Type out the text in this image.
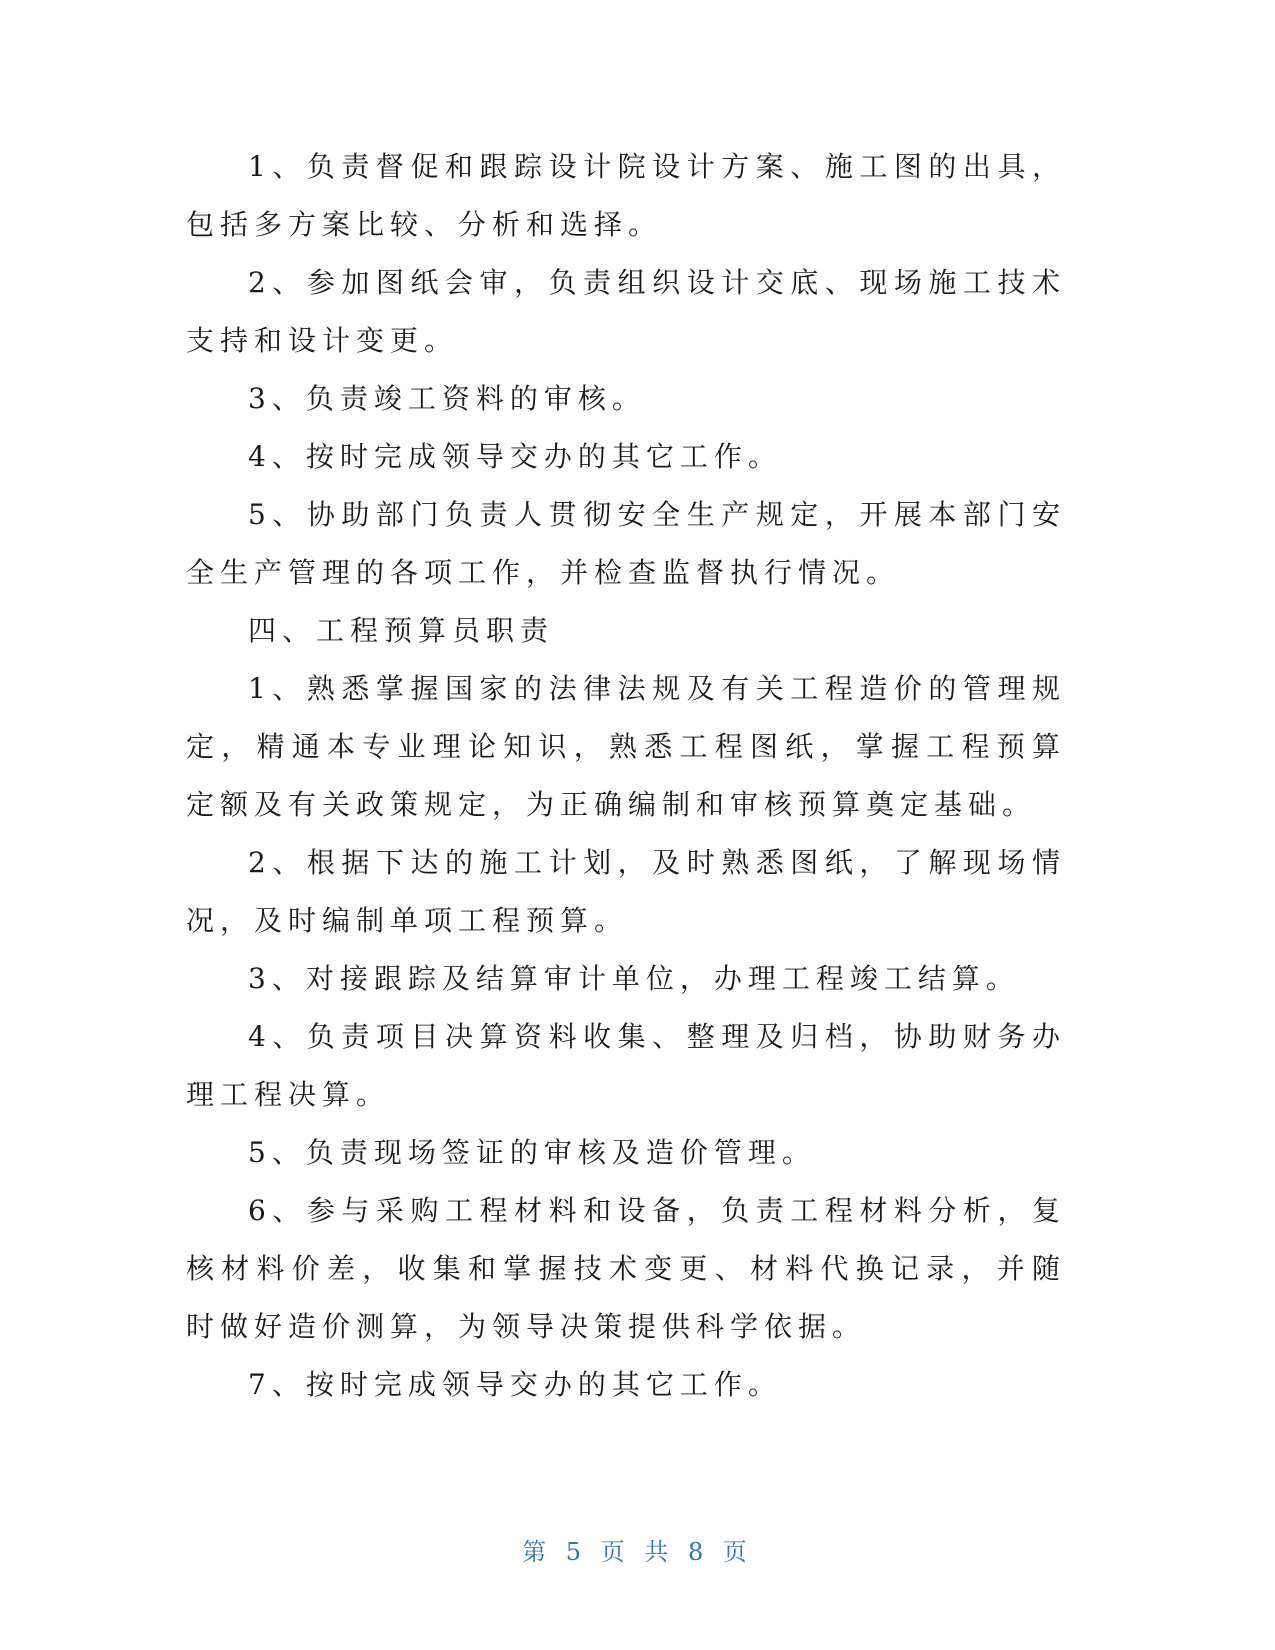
1、负责督促和跟踪设计院设计方案、施工图的出具，包括多方案比较、分析和选择。

2、参加图纸会审，负责组织设计交底、现场施工技术支持和设计变更。

3、负责竣工资料的审核。

4、按时完成领导交办的其它工作。

5、协助部门负责人贯彻安全生产规定，开展本部门安全生产管理的各项工作，并检查监督执行情况。

四、工程预算员职责

1、熟悉掌握国家的法律法规及有关工程造价的管理规定，精通本专业理论知识，熟悉工程图纸，掌握工程预算定额及有关政策规定，为正确编制和审核预算奠定基础。

2、根据下达的施工计划，及时熟悉图纸，了解现场情况，及时编制单项工程预算。

3、对接跟踪及结算审计单位，办理工程竣工结算。

4、负责项目决算资料收集、整理及归档，协助财务办理工程决算。

5、负责现场签证的审核及造价管理。

6、参与采购工程材料和设备，负责工程材料分析，复核材料价差，收集和掌握技术变更、材料代换记录，并随时做好造价测算，为领导决策提供科学依据。

7、按时完成领导交办的其它工作。

第 5 页 共 8 页
